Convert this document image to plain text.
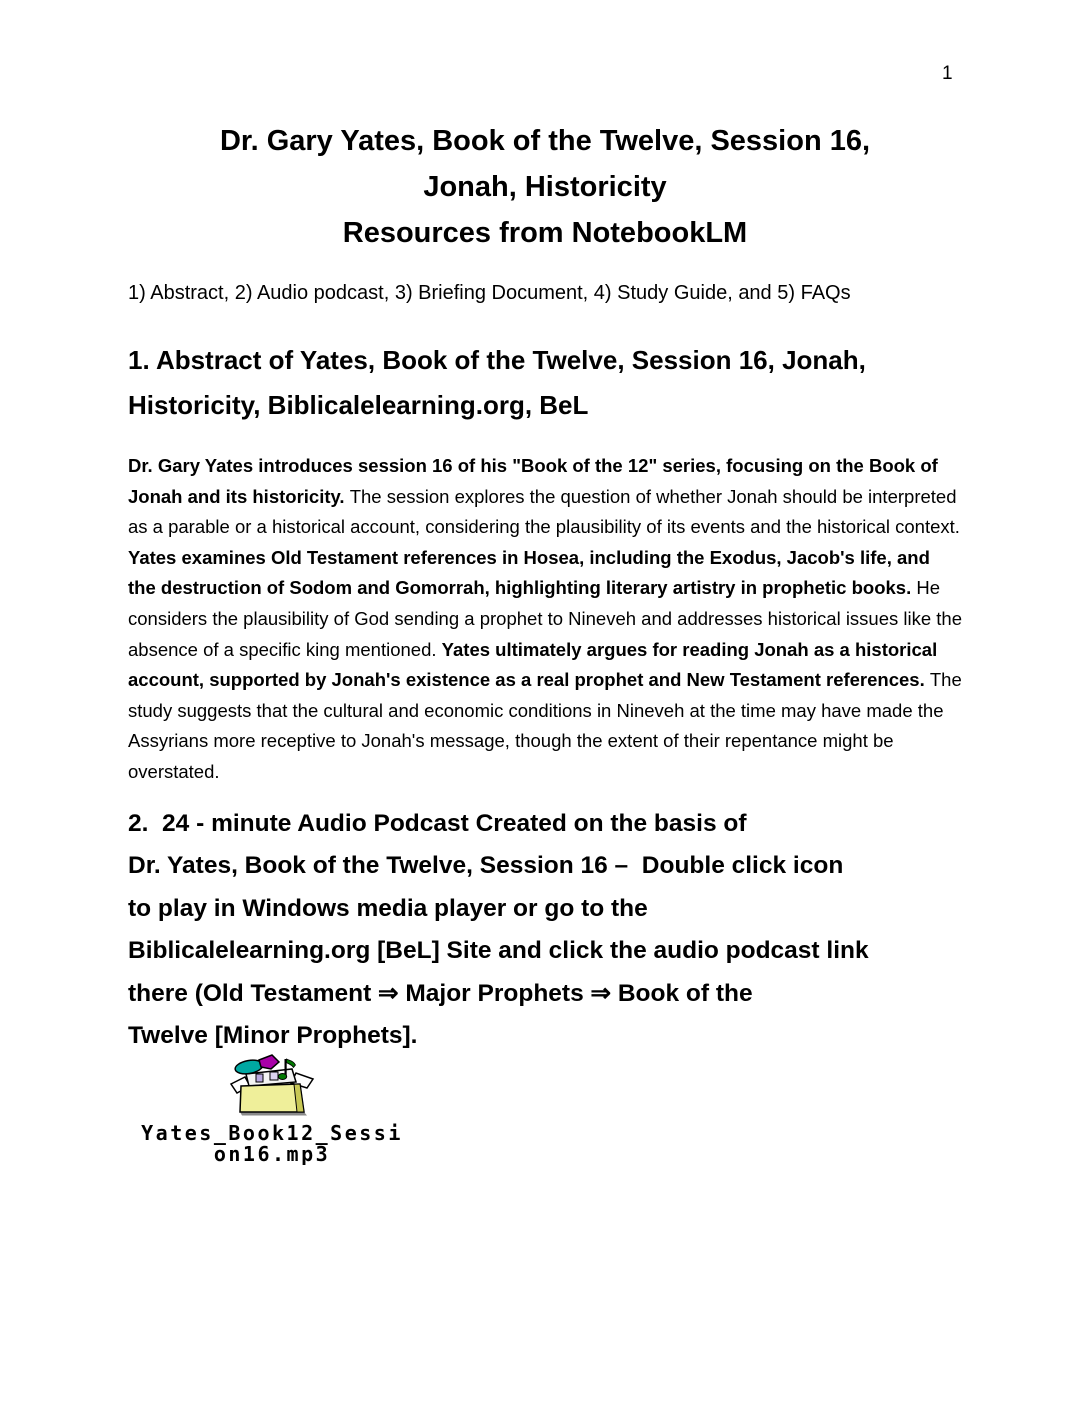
1
Dr. Gary Yates, Book of the Twelve, Session 16,
Jonah, Historicity
Resources from NotebookLM

1) Abstract, 2) Audio podcast, 3) Briefing Document, 4) Study Guide, and 5) FAQs

1. Abstract of Yates, Book of the Twelve, Session 16, Jonah,
Historicity, Biblicalelearning.org, BeL

Dr. Gary Yates introduces session 16 of his "Book of the 12" series, focusing on the Book of Jonah and its historicity. The session explores the question of whether Jonah should be interpreted as a parable or a historical account, considering the plausibility of its events and the historical context. Yates examines Old Testament references in Hosea, including the Exodus, Jacob's life, and the destruction of Sodom and Gomorrah, highlighting literary artistry in prophetic books. He considers the plausibility of God sending a prophet to Nineveh and addresses historical issues like the absence of a specific king mentioned. Yates ultimately argues for reading Jonah as a historical account, supported by Jonah's existence as a real prophet and New Testament references. The study suggests that the cultural and economic conditions in Nineveh at the time may have made the Assyrians more receptive to Jonah's message, though the extent of their repentance might be overstated.

2.  24 - minute Audio Podcast Created on the basis of
Dr. Yates, Book of the Twelve, Session 16 –  Double click icon
to play in Windows media player or go to the
Biblicalelearning.org [BeL] Site and click the audio podcast link
there (Old Testament ⇒ Major Prophets ⇒ Book of the
Twelve [Minor Prophets].
Yates_Book12_Sessi
on16.mp3
